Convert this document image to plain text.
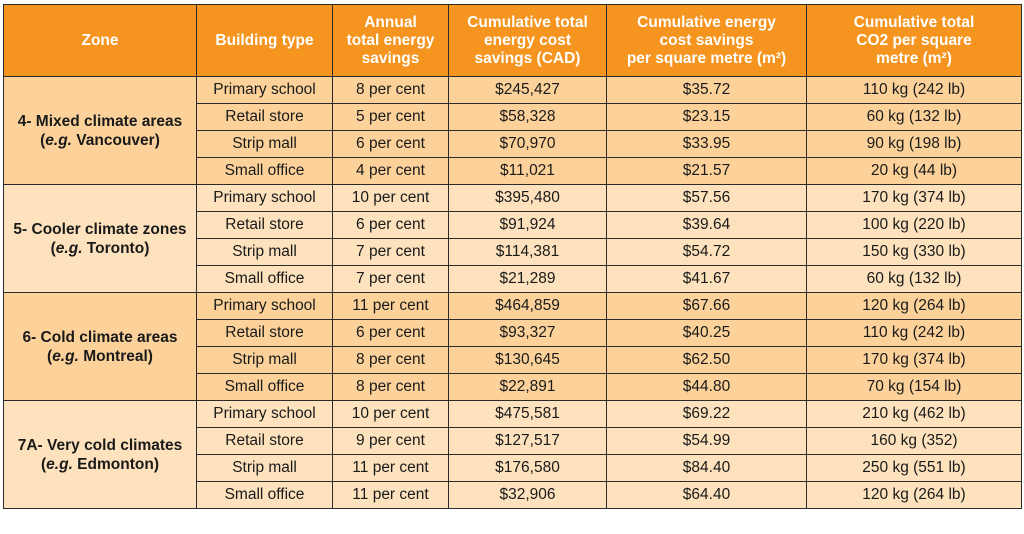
Zone	Building type	Annual
total energy
savings	Cumulative total
energy cost
savings (CAD)	Cumulative energy
cost savings
per square metre (m²)	Cumulative total
CO2 per square
metre (m²)
4- Mixed climate areas
(e.g. Vancouver)	Primary school	8 per cent	$245,427	$35.72	110 kg (242 lb)
	Retail store	5 per cent	$58,328	$23.15	60 kg (132 lb)
	Strip mall	6 per cent	$70,970	$33.95	90 kg (198 lb)
	Small office	4 per cent	$11,021	$21.57	20 kg (44 lb)
5- Cooler climate zones
(e.g. Toronto)	Primary school	10 per cent	$395,480	$57.56	170 kg (374 lb)
	Retail store	6 per cent	$91,924	$39.64	100 kg (220 lb)
	Strip mall	7 per cent	$114,381	$54.72	150 kg (330 lb)
	Small office	7 per cent	$21,289	$41.67	60 kg (132 lb)
6- Cold climate areas
(e.g. Montreal)	Primary school	11 per cent	$464,859	$67.66	120 kg (264 lb)
	Retail store	6 per cent	$93,327	$40.25	110 kg (242 lb)
	Strip mall	8 per cent	$130,645	$62.50	170 kg (374 lb)
	Small office	8 per cent	$22,891	$44.80	70 kg (154 lb)
7A- Very cold climates
(e.g. Edmonton)	Primary school	10 per cent	$475,581	$69.22	210 kg (462 lb)
	Retail store	9 per cent	$127,517	$54.99	160 kg (352)
	Strip mall	11 per cent	$176,580	$84.40	250 kg (551 lb)
	Small office	11 per cent	$32,906	$64.40	120 kg (264 lb)
